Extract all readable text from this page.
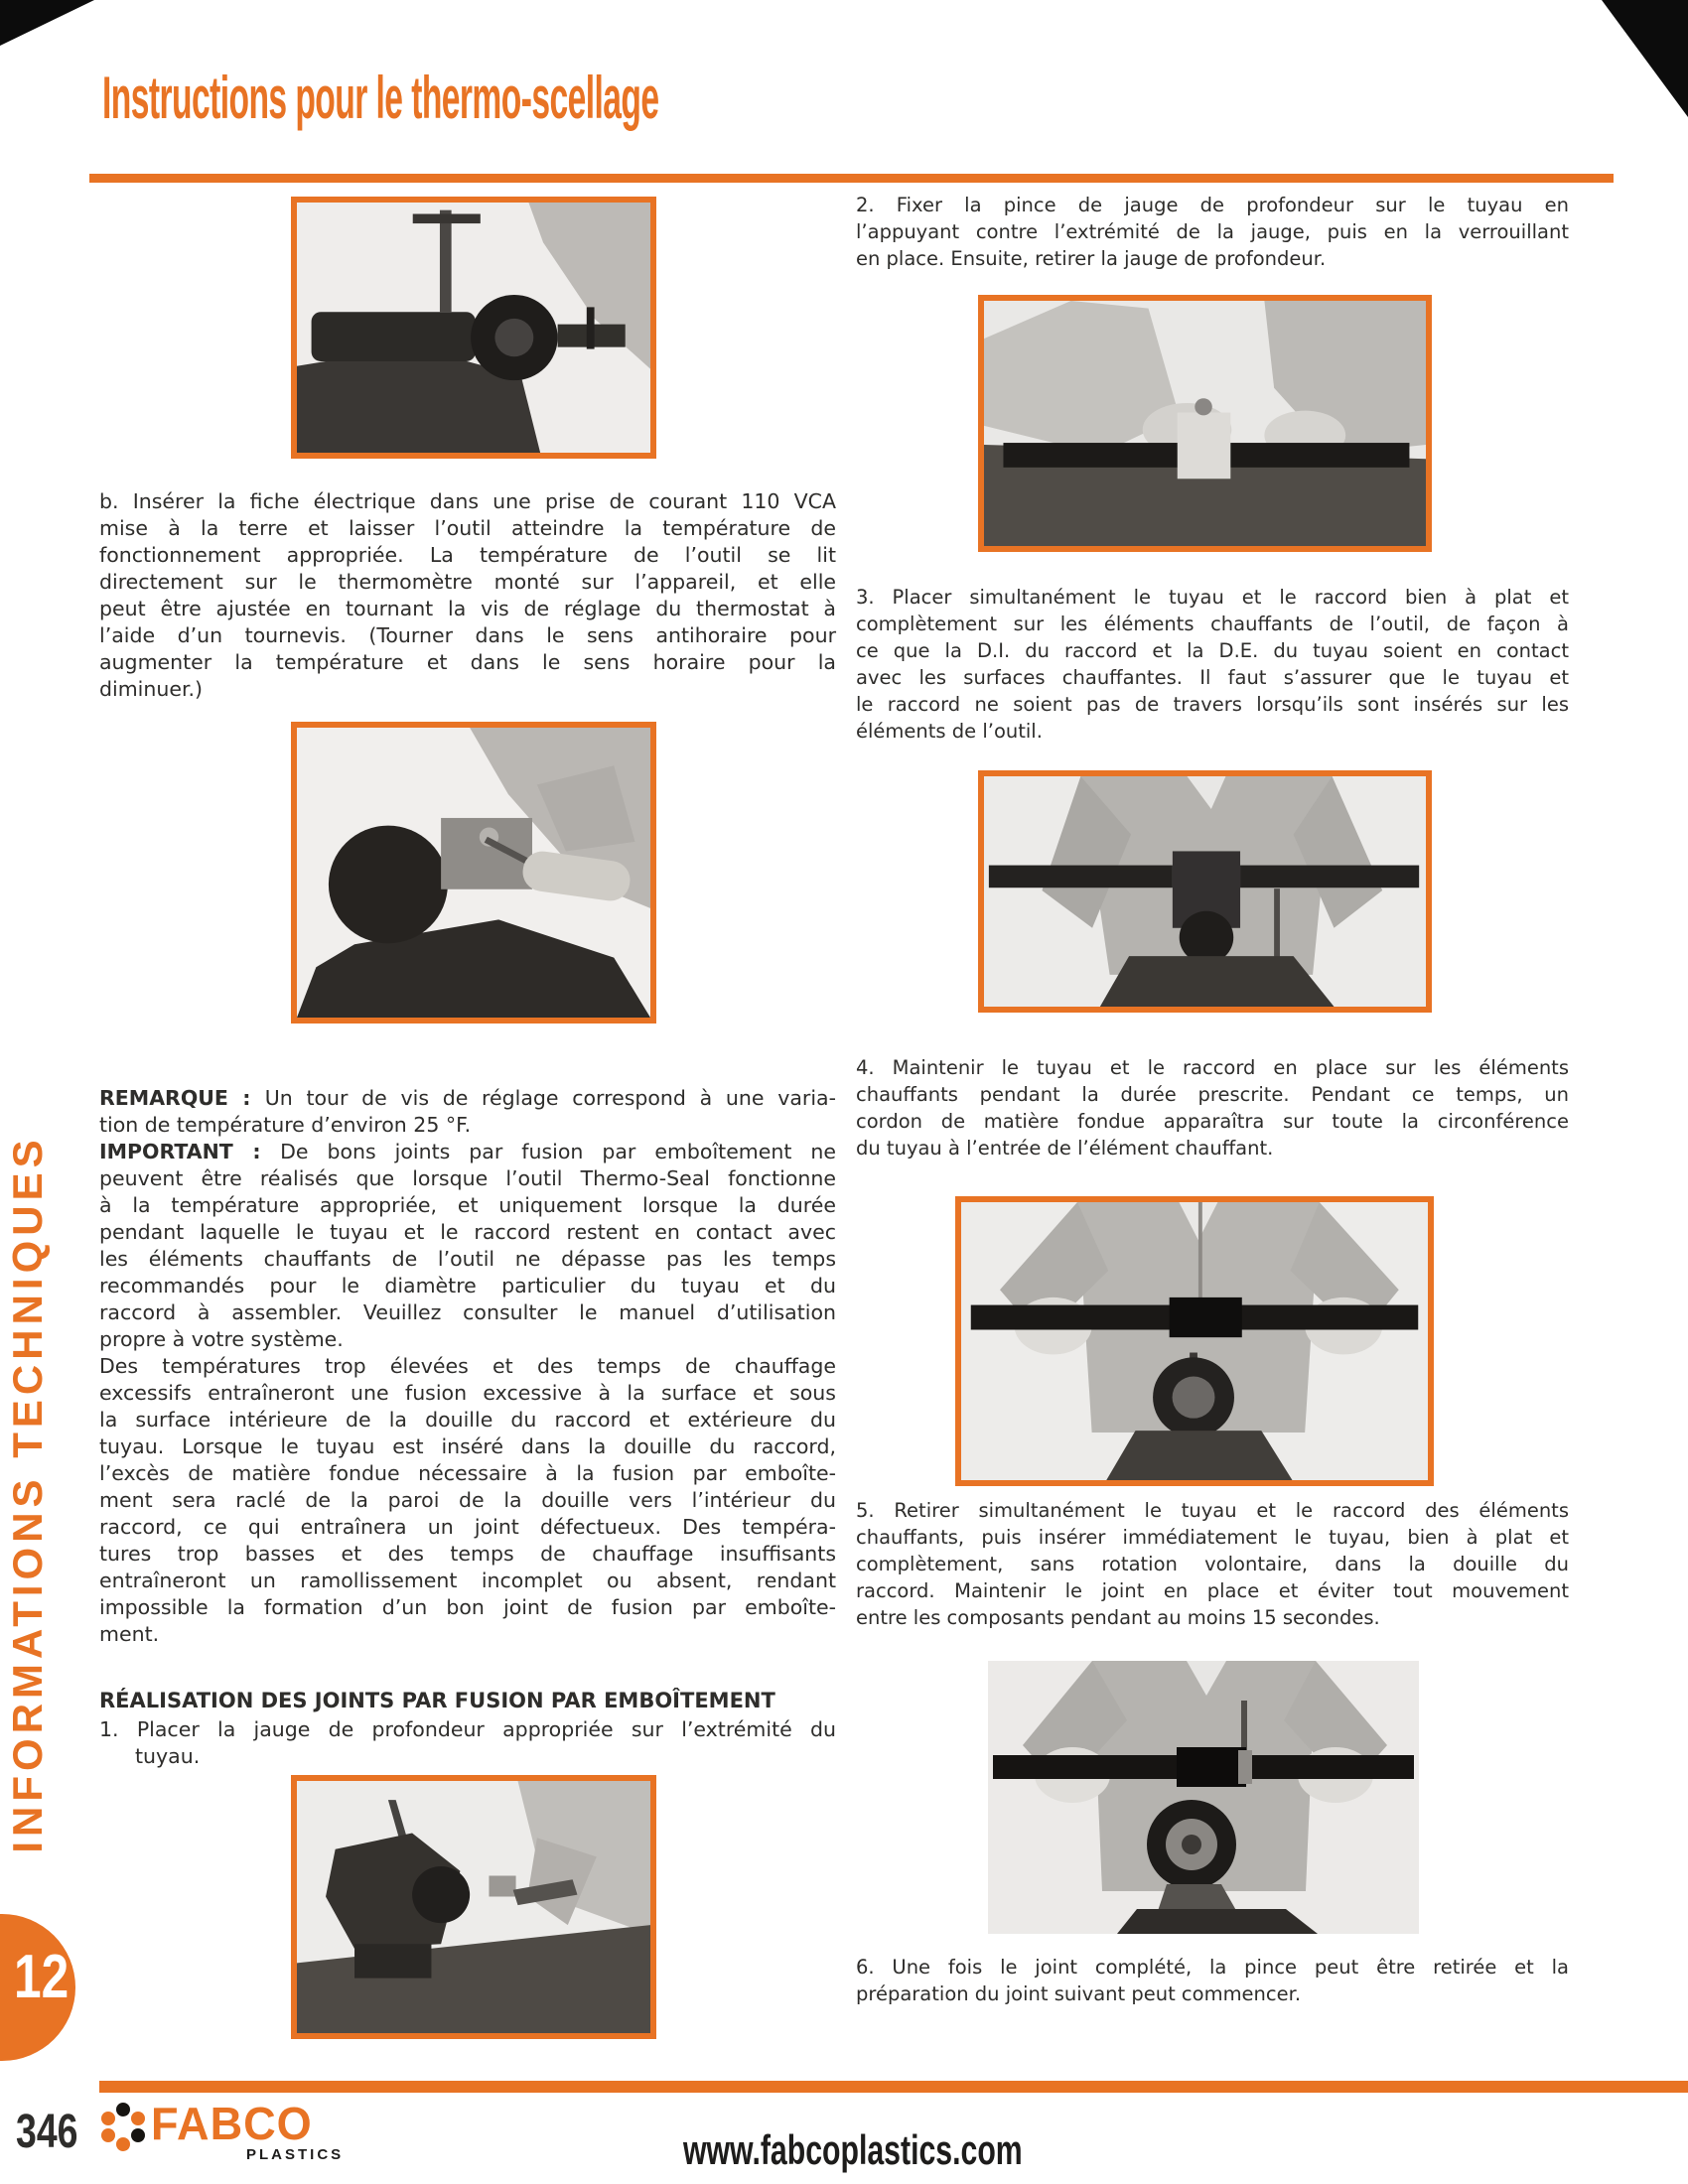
Instructions pour le thermo-scellage
b. Insérer la fiche électrique dans une prise de courant 110 VCA
mise à la terre et laisser l’outil atteindre la température de
fonctionnement appropriée. La température de l’outil se lit
directement sur le thermomètre monté sur l’appareil, et elle
peut être ajustée en tournant la vis de réglage du thermostat à
l’aide d’un tournevis. (Tourner dans le sens antihoraire pour
augmenter la température et dans le sens horaire pour la
diminuer.)
REMARQUE : Un tour de vis de réglage correspond à une varia-
tion de température d’environ 25 °F.
IMPORTANT : De bons joints par fusion par emboîtement ne
peuvent être réalisés que lorsque l’outil Thermo-Seal fonctionne
à la température appropriée, et uniquement lorsque la durée
pendant laquelle le tuyau et le raccord restent en contact avec
les éléments chauffants de l’outil ne dépasse pas les temps
recommandés pour le diamètre particulier du tuyau et du
raccord à assembler. Veuillez consulter le manuel d’utilisation
propre à votre système.
Des températures trop élevées et des temps de chauffage
excessifs entraîneront une fusion excessive à la surface et sous
la surface intérieure de la douille du raccord et extérieure du
tuyau. Lorsque le tuyau est inséré dans la douille du raccord,
l’excès de matière fondue nécessaire à la fusion par emboîte-
ment sera raclé de la paroi de la douille vers l’intérieur du
raccord, ce qui entraînera un joint défectueux. Des tempéra-
tures trop basses et des temps de chauffage insuffisants
entraîneront un ramollissement incomplet ou absent, rendant
impossible la formation d’un bon joint de fusion par emboîte-
ment.
RÉALISATION DES JOINTS PAR FUSION PAR EMBOÎTEMENT
1. Placer la jauge de profondeur appropriée sur l’extrémité du
tuyau.
2. Fixer la pince de jauge de profondeur sur le tuyau en
l’appuyant contre l’extrémité de la jauge, puis en la verrouillant
en place. Ensuite, retirer la jauge de profondeur.
3. Placer simultanément le tuyau et le raccord bien à plat et
complètement sur les éléments chauffants de l’outil, de façon à
ce que la D.I. du raccord et la D.E. du tuyau soient en contact
avec les surfaces chauffantes. Il faut s’assurer que le tuyau et
le raccord ne soient pas de travers lorsqu’ils sont insérés sur les
éléments de l’outil.
4. Maintenir le tuyau et le raccord en place sur les éléments
chauffants pendant la durée prescrite. Pendant ce temps, un
cordon de matière fondue apparaîtra sur toute la circonférence
du tuyau à l’entrée de l’élément chauffant.
5. Retirer simultanément le tuyau et le raccord des éléments
chauffants, puis insérer immédiatement le tuyau, bien à plat et
complètement, sans rotation volontaire, dans la douille du
raccord. Maintenir le joint en place et éviter tout mouvement
entre les composants pendant au moins 15 secondes.
6. Une fois le joint complété, la pince peut être retirée et la
préparation du joint suivant peut commencer.
INFORMATIONS TECHNIQUES
12
346 FABCO
PLASTICS	www.fabcoplastics.com
